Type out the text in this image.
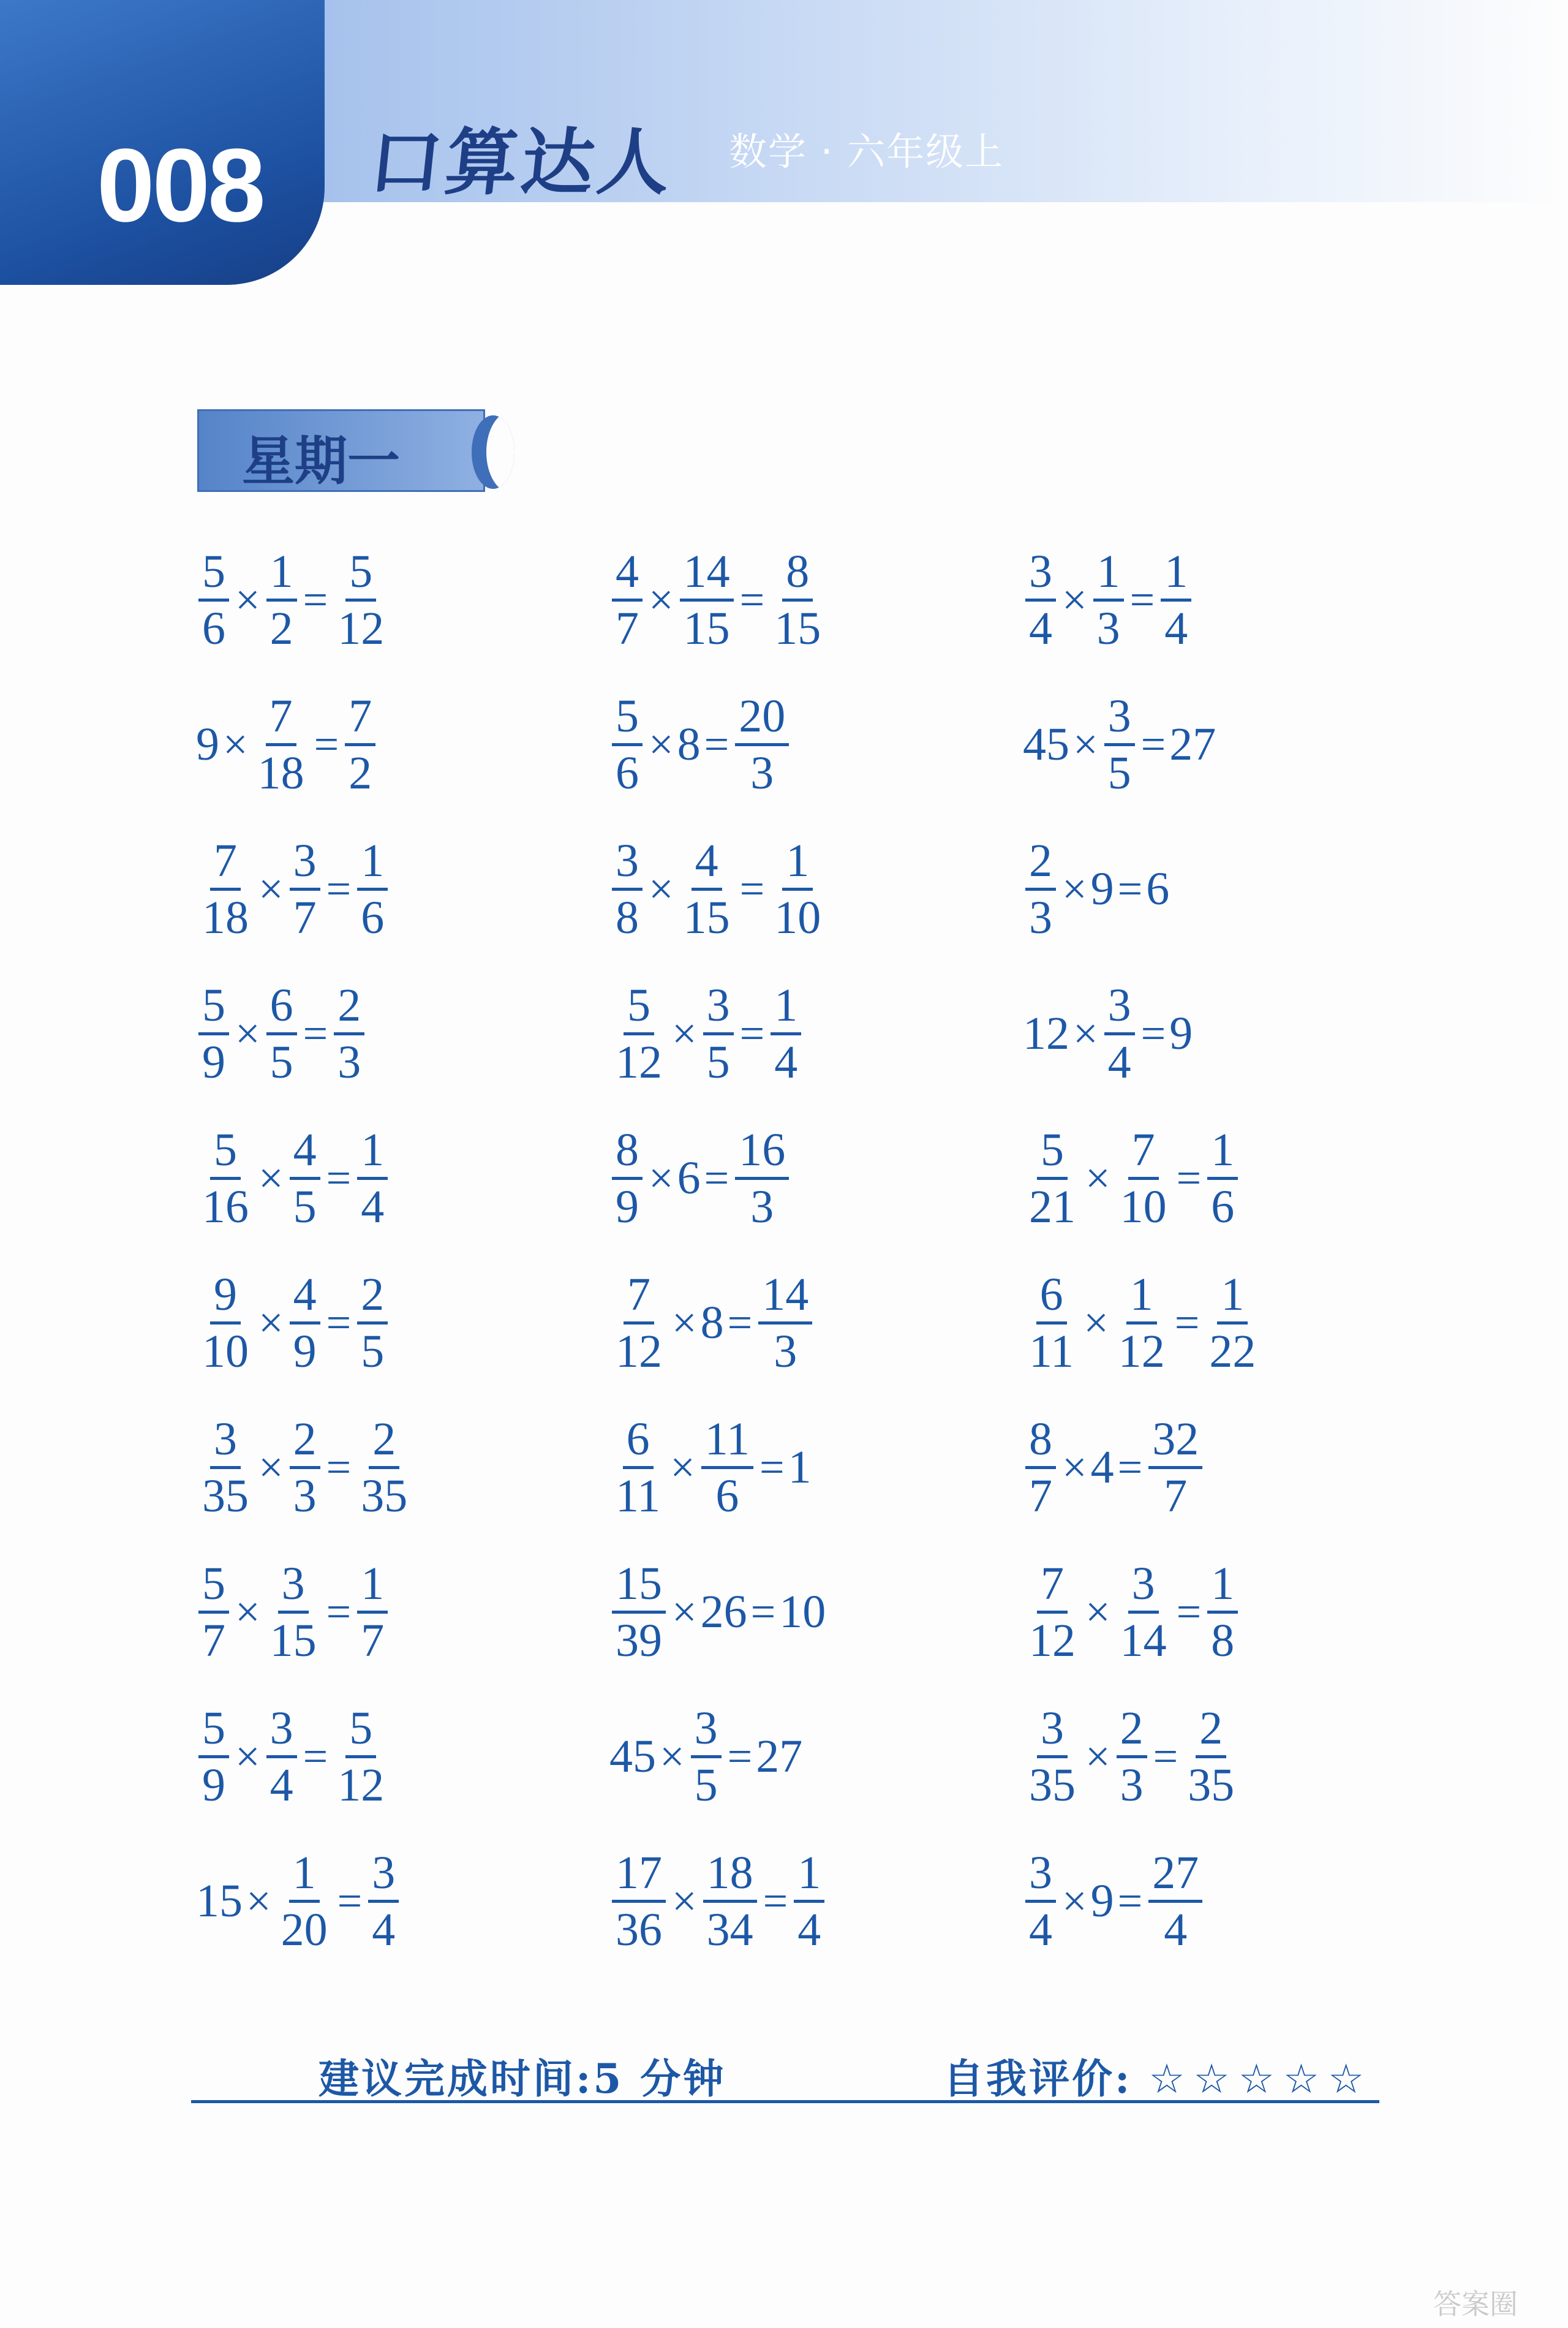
008 口算达人 数学 · 六年级上
星期一
$\frac{5}{6} \times \frac{1}{2} = \frac{5}{12}$
$9 \times \frac{7}{18} = \frac{7}{2}$
$\frac{7}{18} \times \frac{3}{7} = \frac{1}{6}$
$\frac{5}{9} \times \frac{6}{5} = \frac{2}{3}$
$\frac{5}{16} \times \frac{4}{5} = \frac{1}{4}$
$\frac{9}{10} \times \frac{4}{9} = \frac{2}{5}$
$\frac{3}{35} \times \frac{2}{3} = \frac{2}{35}$
$\frac{5}{7} \times \frac{3}{15} = \frac{1}{7}$
$\frac{5}{9} \times \frac{3}{4} = \frac{5}{12}$
$15 \times \frac{1}{20} = \frac{3}{4}$
$\frac{4}{7} \times \frac{14}{15} = \frac{8}{15}$
$\frac{5}{6} \times 8 = \frac{20}{3}$
$\frac{3}{8} \times \frac{4}{15} = \frac{1}{10}$
$\frac{5}{12} \times \frac{3}{5} = \frac{1}{4}$
$\frac{8}{9} \times 6 = \frac{16}{3}$
$\frac{7}{12} \times 8 = \frac{14}{3}$
$\frac{6}{11} \times \frac{11}{6} = 1$
$\frac{15}{39} \times 26 = 10$
$45 \times \frac{3}{5} = 27$
$\frac{17}{36} \times \frac{18}{34} = \frac{1}{4}$
$\frac{3}{4} \times \frac{1}{3} = \frac{1}{4}$
$45 \times \frac{3}{5} = 27$
$\frac{2}{3} \times 9 = 6$
$12 \times \frac{3}{4} = 9$
$\frac{5}{21} \times \frac{7}{10} = \frac{1}{6}$
$\frac{6}{11} \times \frac{1}{12} = \frac{1}{22}$
$\frac{8}{7} \times 4 = \frac{32}{7}$
$\frac{7}{12} \times \frac{3}{14} = \frac{1}{8}$
$\frac{3}{35} \times \frac{2}{3} = \frac{2}{35}$
$\frac{3}{4} \times 9 = \frac{27}{4}$
建议完成时间:5 分钟	自我评价: ☆☆☆☆☆
答案圈
